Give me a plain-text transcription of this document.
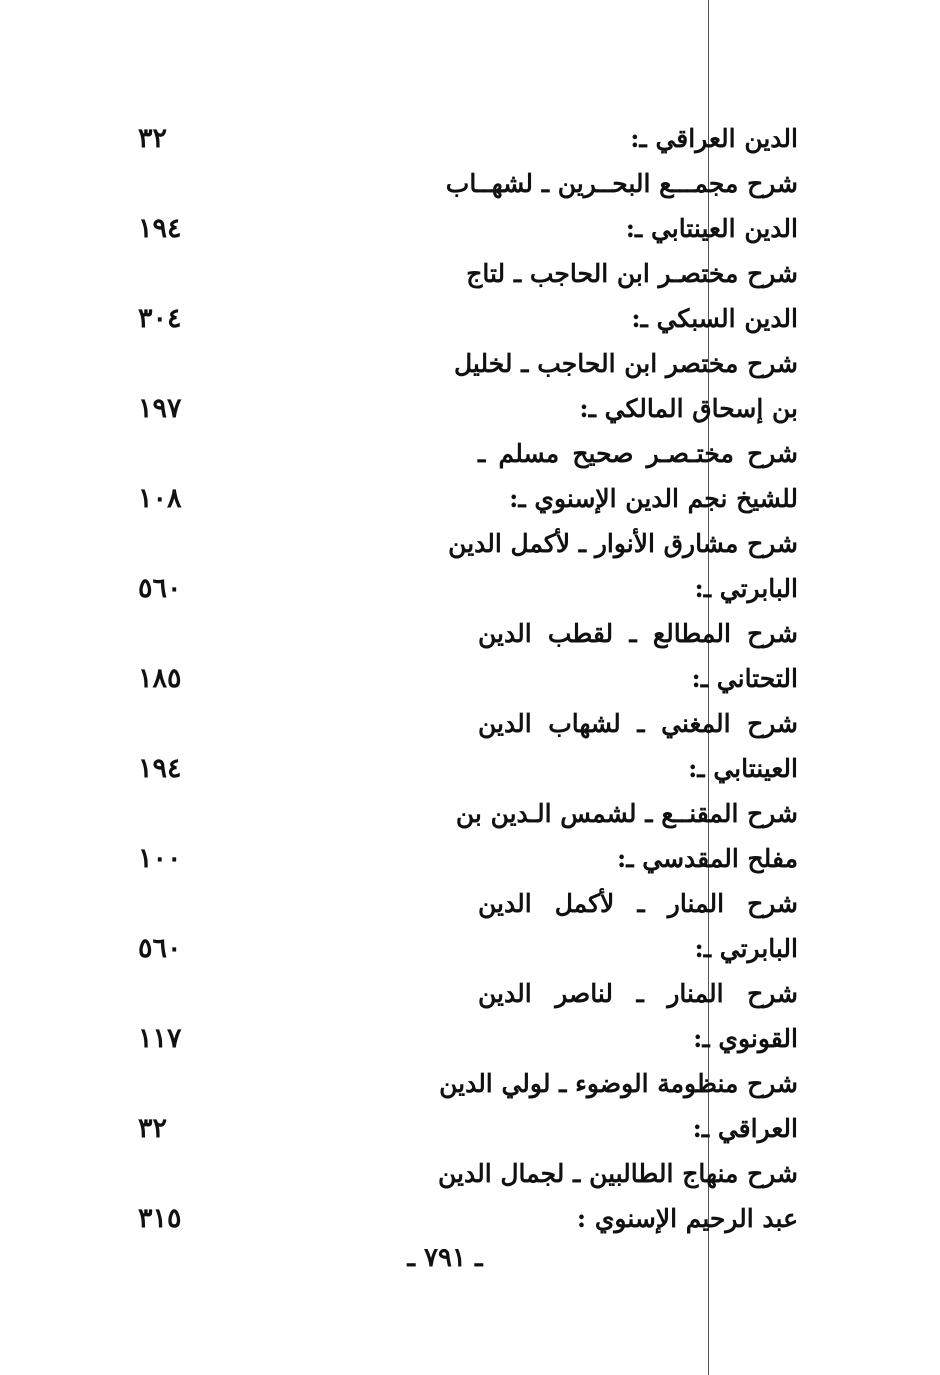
الدين العراقي ـ:
٣٢
شرح مجمـــع البحــرين ـ لشهــاب
الدين العينتابي ـ:
١٩٤
شرح مختصـر ابن الحاجب ـ لتاج
الدين السبكي ـ:
٣٠٤
شرح مختصر ابن الحاجب ـ لخليل
بن إسحاق المالكي ـ:
١٩٧
شرح مختـصـر صحيح مسلم ـ
للشيخ نجم الدين الإسنوي ـ:
١٠٨
شرح مشارق الأنوار ـ لأكمل الدين
البابرتي ـ:
٥٦٠
شرح المطالع ـ لقطب الدين
التحتاني ـ:
١٨٥
شرح المغني ـ لشهاب الدين
العينتابي ـ:
١٩٤
شرح المقنــع ـ لشمس الـدين بن
مفلح المقدسي ـ:
١٠٠
شرح المنار ـ لأكمل الدين
البابرتي ـ:
٥٦٠
شرح المنار ـ لناصر الدين
القونوي ـ:
١١٧
شرح منظومة الوضوء ـ لولي الدين
العراقي ـ:
٣٢
شرح منهاج الطالبين ـ لجمال الدين
عبد الرحيم الإسنوي :
٣١٥
ـ ٧٩١ ـ
